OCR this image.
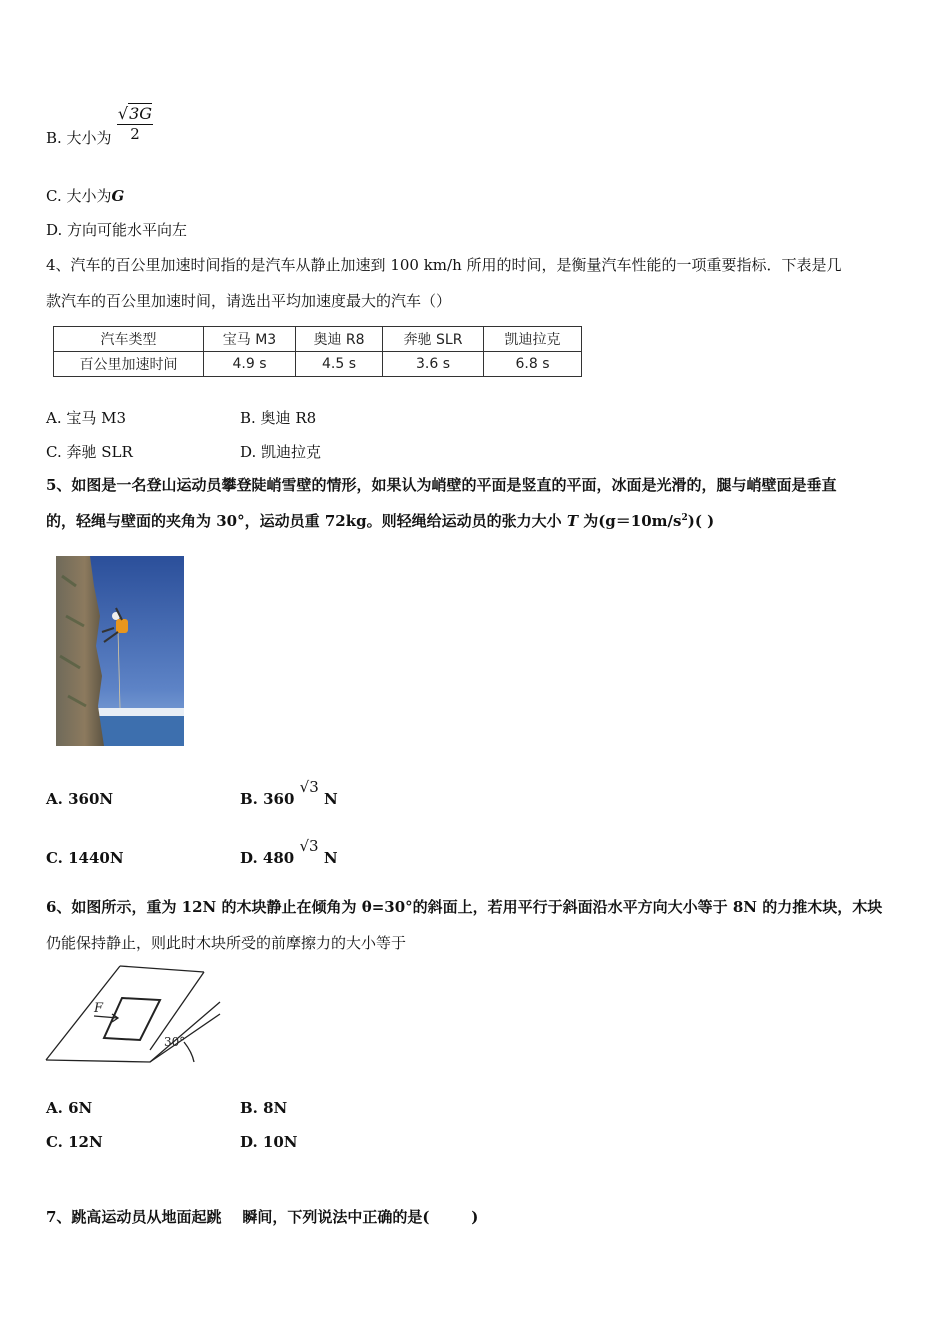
B. 大小为
√3G
2
C. 大小为G
D. 方向可能水平向左
4、汽车的百公里加速时间指的是汽车从静止加速到 100 km/h 所用的时间，是衡量汽车性能的一项重要指标．下表是几
款汽车的百公里加速时间，请选出平均加速度最大的汽车（）
汽车类型	宝马 M3	奥迪 R8	奔驰 SLR	凯迪拉克
百公里加速时间	4.9 s	4.5 s	3.6 s	6.8 s
A. 宝马 M3	B. 奥迪 R8
C. 奔驰 SLR	D. 凯迪拉克
5、如图是一名登山运动员攀登陡峭雪壁的情形，如果认为峭壁的平面是竖直的平面，冰面是光滑的，腿与峭壁面是垂直
的，轻绳与壁面的夹角为 30°，运动员重 72kg。则轻绳给运动员的张力大小 T 为$(g=10m/s^2)$( )
A. 360N	B. 360 √3 N
C. 1440N	D. 480 √3 N
6、如图所示，重为 12N 的木块静止在倾角为 θ=30°的斜面上，若用平行于斜面沿水平方向大小等于 8N 的力推木块，木块
仍能保持静止，则此时木块所受的前摩擦力的大小等于
F
30°
A. 6N	B. 8N
C. 12N	D. 10N
7、跳高运动员从地面起跳    瞬间，下列说法中正确的是(        )
